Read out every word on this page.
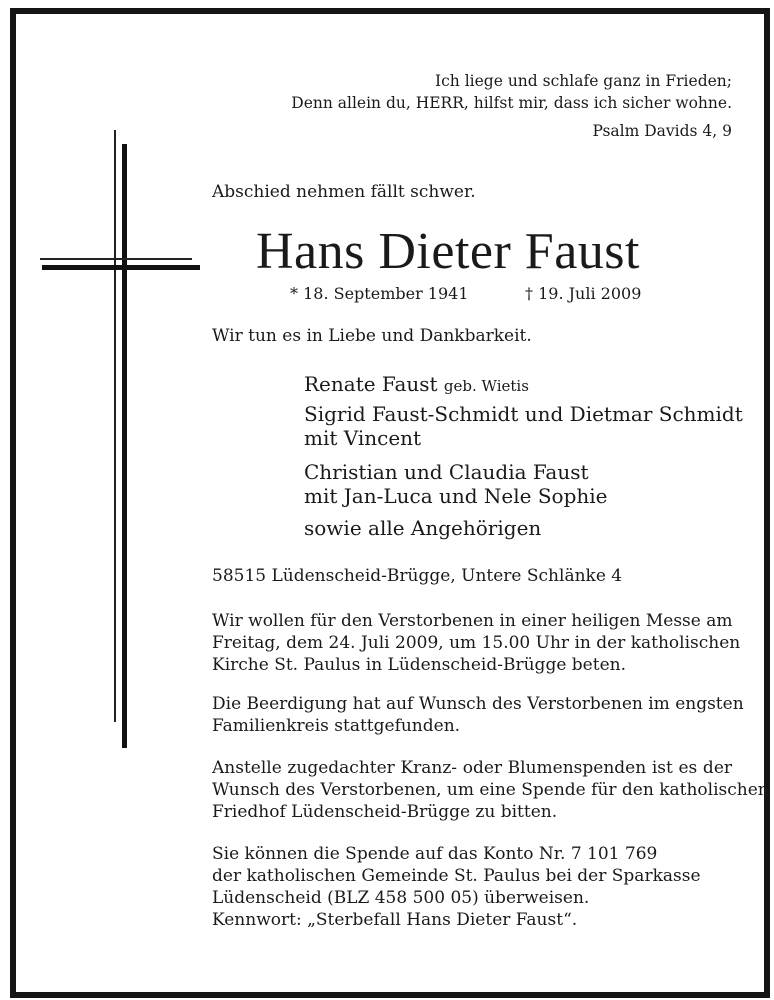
Ich liege und schlafe ganz in Frieden;
Denn allein du, HERR, hilfst mir, dass ich sicher wohne.
Psalm Davids 4, 9
Abschied nehmen fällt schwer.
Hans Dieter Faust
* 18. September 1941	† 19. Juli 2009
Wir tun es in Liebe und Dankbarkeit.
Renate Faust geb. Wietis
Sigrid Faust-Schmidt und Dietmar Schmidt
mit Vincent
Christian und Claudia Faust
mit Jan-Luca und Nele Sophie
sowie alle Angehörigen
58515 Lüdenscheid-Brügge, Untere Schlänke 4
Wir wollen für den Verstorbenen in einer heiligen Messe am
Freitag, dem 24. Juli 2009, um 15.00 Uhr in der katholischen
Kirche St. Paulus in Lüdenscheid-Brügge beten.
Die Beerdigung hat auf Wunsch des Verstorbenen im engsten
Familienkreis stattgefunden.
Anstelle zugedachter Kranz- oder Blumenspenden ist es der
Wunsch des Verstorbenen, um eine Spende für den katholischen
Friedhof Lüdenscheid-Brügge zu bitten.
Sie können die Spende auf das Konto Nr. 7 101 769
der katholischen Gemeinde St. Paulus bei der Sparkasse
Lüdenscheid (BLZ 458 500 05) überweisen.
Kennwort: „Sterbefall Hans Dieter Faust“.
